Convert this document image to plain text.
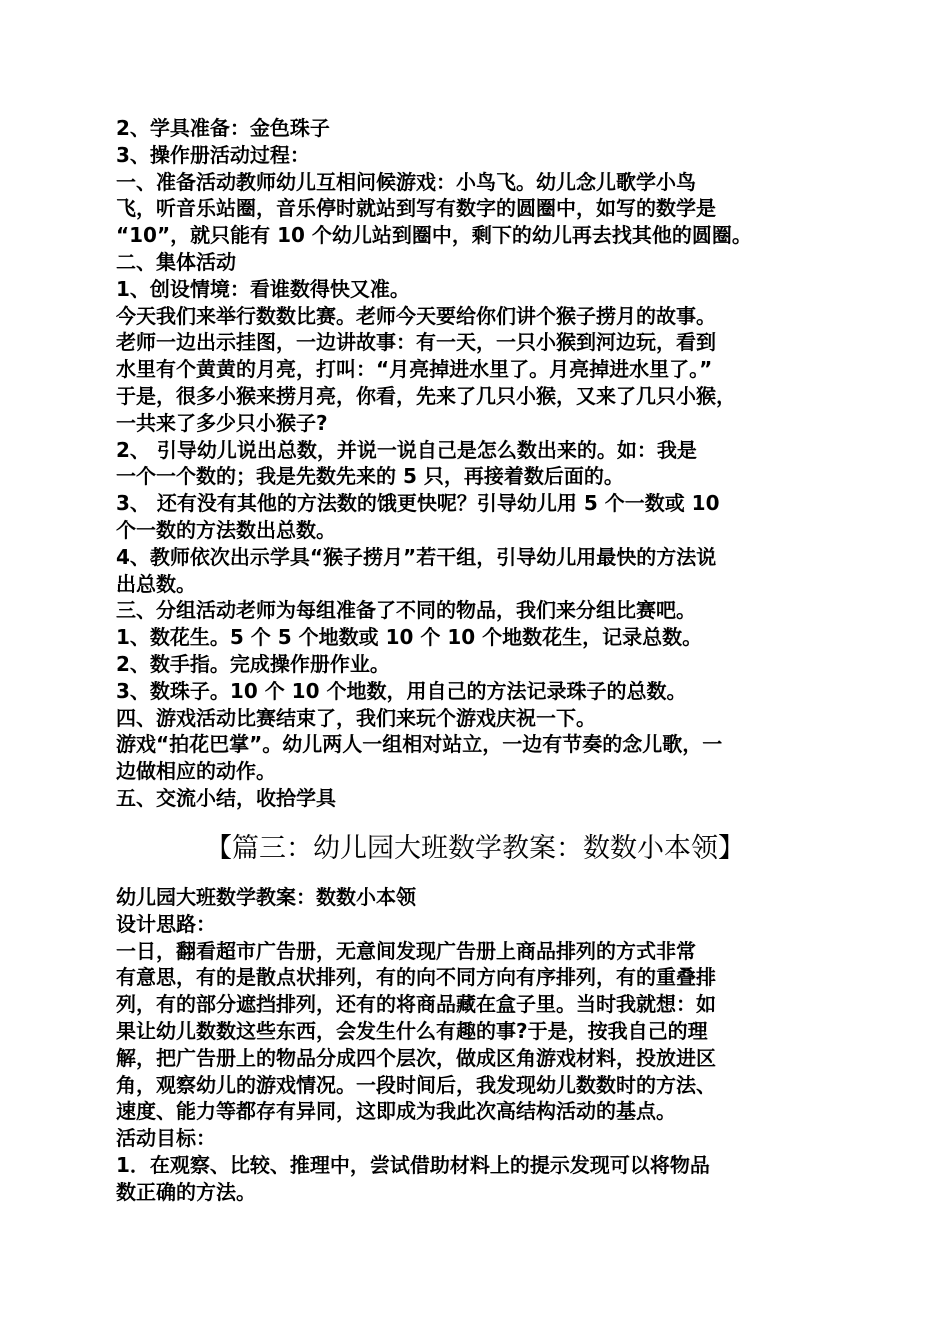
2、学具准备：金色珠子
3、操作册活动过程：
一、准备活动教师幼儿互相问候游戏：小鸟飞。幼儿念儿歌学小鸟
飞，听音乐站圈，音乐停时就站到写有数字的圆圈中，如写的数学是
“10”，就只能有 10 个幼儿站到圈中，剩下的幼儿再去找其他的圆圈。
二、集体活动
1、创设情境：看谁数得快又准。
今天我们来举行数数比赛。老师今天要给你们讲个猴子捞月的故事。
老师一边出示挂图，一边讲故事：有一天，一只小猴到河边玩，看到
水里有个黄黄的月亮，打叫：“月亮掉进水里了。月亮掉进水里了。”
于是，很多小猴来捞月亮，你看，先来了几只小猴，又来了几只小猴，
一共来了多少只小猴子?
2、 引导幼儿说出总数，并说一说自己是怎么数出来的。如：我是
一个一个数的；我是先数先来的 5 只，再接着数后面的。
3、 还有没有其他的方法数的饿更快呢？引导幼儿用 5 个一数或 10
个一数的方法数出总数。
4、教师依次出示学具“猴子捞月”若干组，引导幼儿用最快的方法说
出总数。
三、分组活动老师为每组准备了不同的物品，我们来分组比赛吧。
1、数花生。5 个 5 个地数或 10 个 10 个地数花生，记录总数。
2、数手指。完成操作册作业。
3、数珠子。10 个 10 个地数，用自己的方法记录珠子的总数。
四、游戏活动比赛结束了，我们来玩个游戏庆祝一下。
游戏“拍花巴掌”。幼儿两人一组相对站立，一边有节奏的念儿歌，一
边做相应的动作。
五、交流小结，收拾学具
【篇三：幼儿园大班数学教案：数数小本领】
幼儿园大班数学教案：数数小本领
设计思路：
一日，翻看超市广告册，无意间发现广告册上商品排列的方式非常
有意思，有的是散点状排列，有的向不同方向有序排列，有的重叠排
列，有的部分遮挡排列，还有的将商品藏在盒子里。当时我就想：如
果让幼儿数数这些东西，会发生什么有趣的事?于是，按我自己的理
解，把广告册上的物品分成四个层次，做成区角游戏材料，投放进区
角，观察幼儿的游戏情况。一段时间后，我发现幼儿数数时的方法、
速度、能力等都存有异同，这即成为我此次高结构活动的基点。
活动目标：
1．在观察、比较、推理中，尝试借助材料上的提示发现可以将物品
数正确的方法。
